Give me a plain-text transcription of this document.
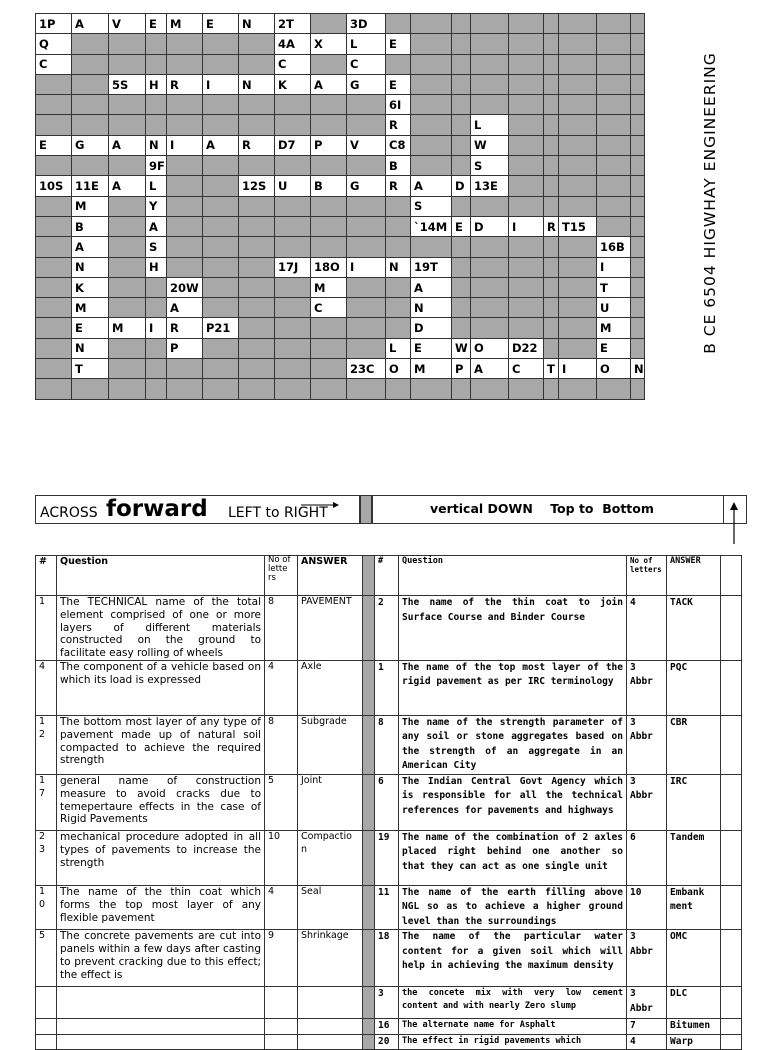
1P	A	V	E	M	E	N	2T		3D									
Q							4A	X	L	E								
C							C		C									
		5S	H	R	I	N	K	A	G	E								
										6I								
										R			L					
E	G	A	N	I	A	R	D7	P	V	C8			W					
			9F							B			S					
10S	11E	A	L			12S	U	B	G	R	A	D	13E					
	M		Y								S							
	B		A								`14M	E	D	I	R	T15		
	A		S														16B	
	N		H				17J	18O	I	N	19T						I	
	K			20W				M			A						T	
	M			A				C			N						U	
	E	M	I	R	P21						D						M	
	N			P						L	E	W	O	D22			E	
	T								23C	O	M	P	A	C	T	I	O	N

B CE 6504 HIGWHAY ENGINEERING
ACROSS forward LEFT to RIGHT	vertical DOWN    Top to  Bottom
#	Question	No of lette rs	ANSWER		#	Question	No of letters	ANSWER	
1	The TECHNICAL name of the total element comprised of one or more layers of different materials constructed on the ground to facilitate easy rolling of wheels	8	PAVEMENT		2	The name of the thin coat to join Surface Course and Binder Course	4	TACK	
4	The component of a vehicle based on which its load is expressed	4	Axle		1	The name of the top most layer of the rigid pavement as per IRC terminology	3 Abbr	PQC	
1 2	The bottom most layer of any type of pavement made up of natural soil compacted to achieve the required strength	8	Subgrade		8	The name of the strength parameter of any soil or stone aggregates based on the strength of an aggregate in an American City	3 Abbr	CBR	
1 7	general name of construction measure to avoid cracks due to temepertaure effects in the case of Rigid Pavements	5	Joint		6	The Indian Central Govt Agency which is responsible for all the technical references for pavements and highways	3 Abbr	IRC	
2 3	mechanical procedure adopted in all types of pavements to increase the strength	10	Compactio n		19	The name of the combination of 2 axles placed right behind one another so that they can act as one single unit	6	Tandem	
1 0	The name of the thin coat which forms the top most layer of any flexible pavement	4	Seal		11	The name of the earth filling above NGL so as to achieve a higher ground level than the surroundings	10	Embank ment	
5	The concrete pavements are cut into panels within a few days after casting to prevent cracking due to this effect; the effect is	9	Shrinkage		18	The name of the particular water content for a given soil which will help in achieving the maximum density	3 Abbr	OMC	
					3	the concete mix with very low cement content and with nearly Zero slump	3 Abbr	DLC	
					16	The alternate name for Asphalt	7	Bitumen	
					20	The effect in rigid pavements which	4	Warp	
